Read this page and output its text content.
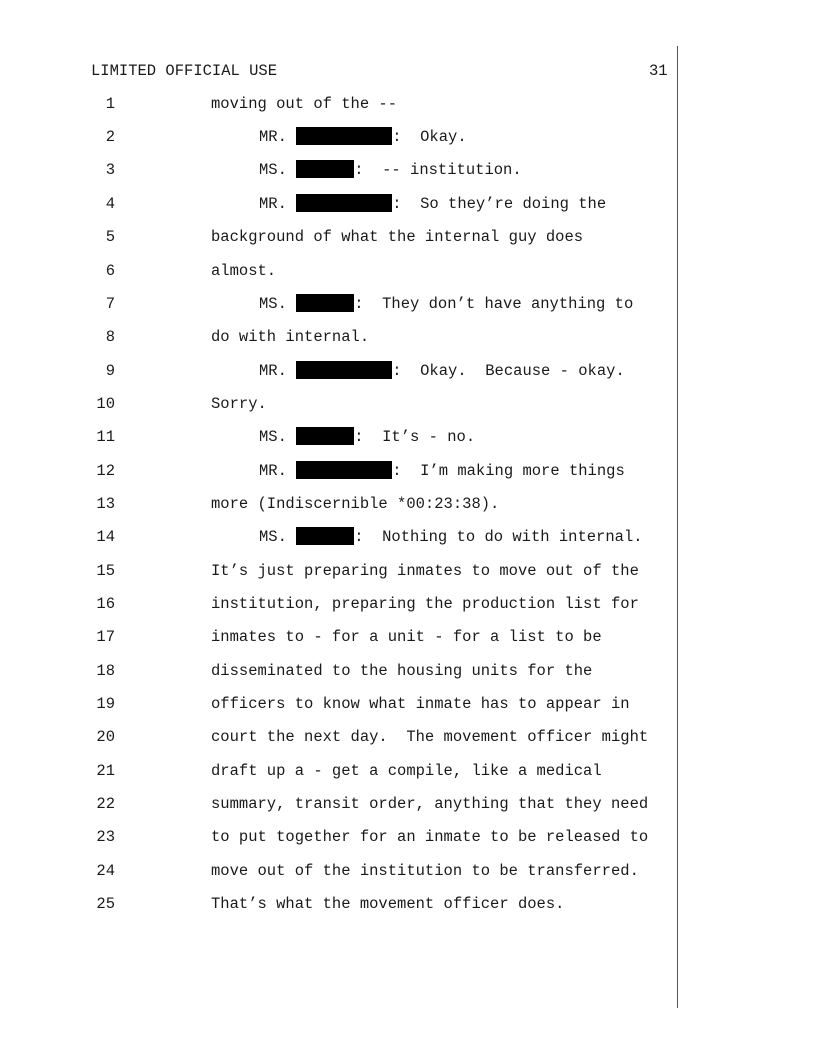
LIMITED OFFICIAL USE	31
1	moving out of the --
2	MR.	:  Okay.
3	MS.	:  -- institution.
4	MR.	:  So they’re doing the
5	background of what the internal guy does
6	almost.
7	MS.	:  They don’t have anything to
8	do with internal.
9	MR.	:  Okay.  Because - okay.
10	Sorry.
11	MS.	:  It’s - no.
12	MR.	:  I’m making more things
13	more (Indiscernible *00:23:38).
14	MS.	:  Nothing to do with internal.
15	It’s just preparing inmates to move out of the
16	institution, preparing the production list for
17	inmates to - for a unit - for a list to be
18	disseminated to the housing units for the
19	officers to know what inmate has to appear in
20	court the next day.  The movement officer might
21	draft up a - get a compile, like a medical
22	summary, transit order, anything that they need
23	to put together for an inmate to be released to
24	move out of the institution to be transferred.
25	That’s what the movement officer does.
